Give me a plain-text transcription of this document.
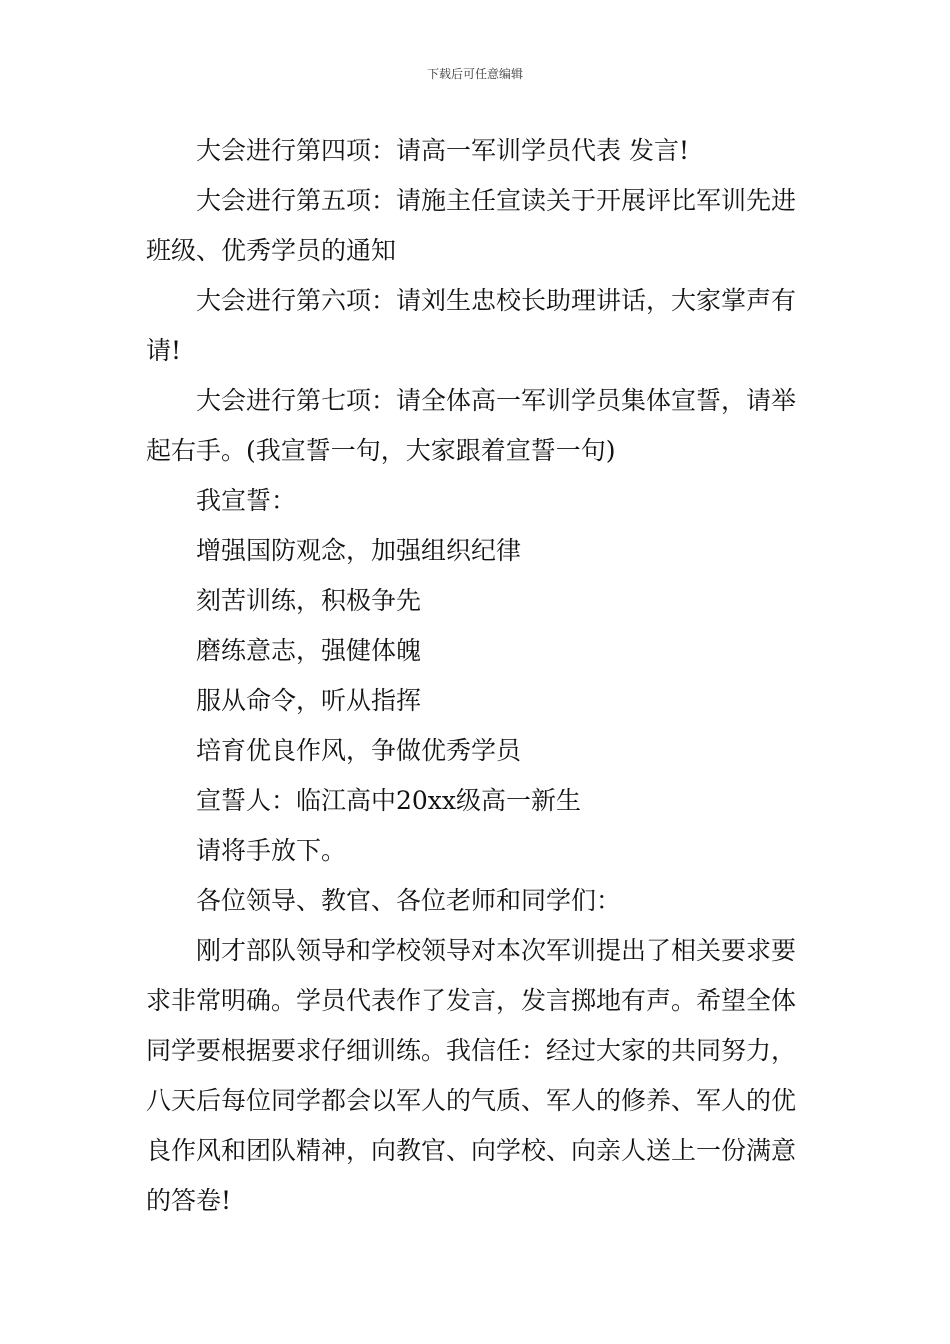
下载后可任意编辑

大会进行第四项：请高一军训学员代表 发言!

大会进行第五项：请施主任宣读关于开展评比军训先进班级、优秀学员的通知

大会进行第六项：请刘生忠校长助理讲话，大家掌声有请!

大会进行第七项：请全体高一军训学员集体宣誓，请举起右手。(我宣誓一句，大家跟着宣誓一句)

我宣誓：

增强国防观念，加强组织纪律

刻苦训练，积极争先

磨练意志，强健体魄

服从命令，听从指挥

培育优良作风，争做优秀学员

宣誓人：临江高中20xx级高一新生

请将手放下。

各位领导、教官、各位老师和同学们：

刚才部队领导和学校领导对本次军训提出了相关要求要求非常明确。学员代表作了发言，发言掷地有声。希望全体同学要根据要求仔细训练。我信任：经过大家的共同努力，八天后每位同学都会以军人的气质、军人的修养、军人的优良作风和团队精神，向教官、向学校、向亲人送上一份满意的答卷!
